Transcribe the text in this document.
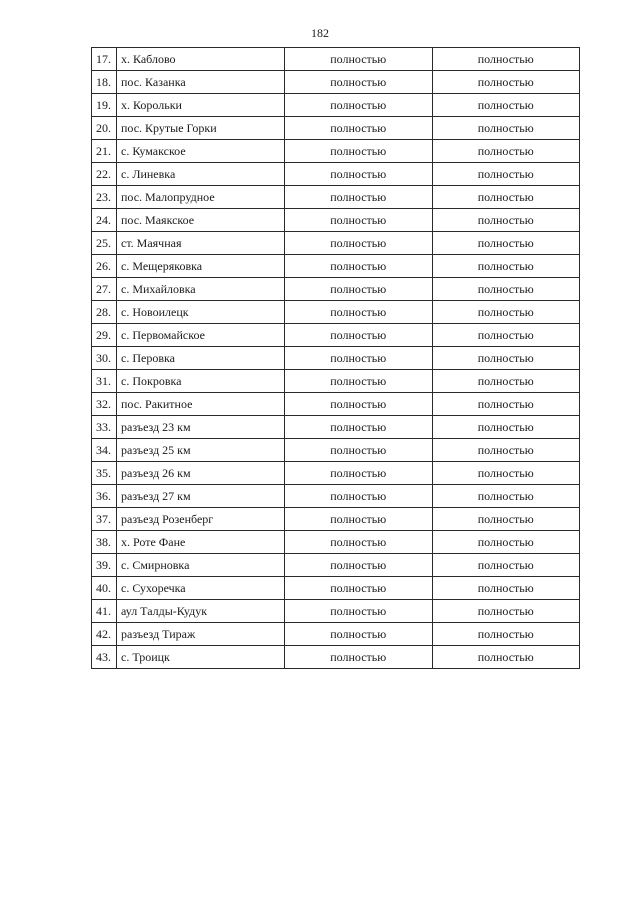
182
17.	х. Каблово	полностью	полностью
18.	пос. Казанка	полностью	полностью
19.	х. Корольки	полностью	полностью
20.	пос. Крутые Горки	полностью	полностью
21.	с. Кумакское	полностью	полностью
22.	с. Линевка	полностью	полностью
23.	пос. Малопрудное	полностью	полностью
24.	пос. Маякское	полностью	полностью
25.	ст. Маячная	полностью	полностью
26.	с. Мещеряковка	полностью	полностью
27.	с. Михайловка	полностью	полностью
28.	с. Новоилецк	полностью	полностью
29.	с. Первомайское	полностью	полностью
30.	с. Перовка	полностью	полностью
31.	с. Покровка	полностью	полностью
32.	пос. Ракитное	полностью	полностью
33.	разъезд 23 км	полностью	полностью
34.	разъезд 25 км	полностью	полностью
35.	разъезд 26 км	полностью	полностью
36.	разъезд 27 км	полностью	полностью
37.	разъезд Розенберг	полностью	полностью
38.	х. Роте Фане	полностью	полностью
39.	с. Смирновка	полностью	полностью
40.	с. Сухоречка	полностью	полностью
41.	аул Талды-Кудук	полностью	полностью
42.	разъезд Тираж	полностью	полностью
43.	с. Троицк	полностью	полностью
